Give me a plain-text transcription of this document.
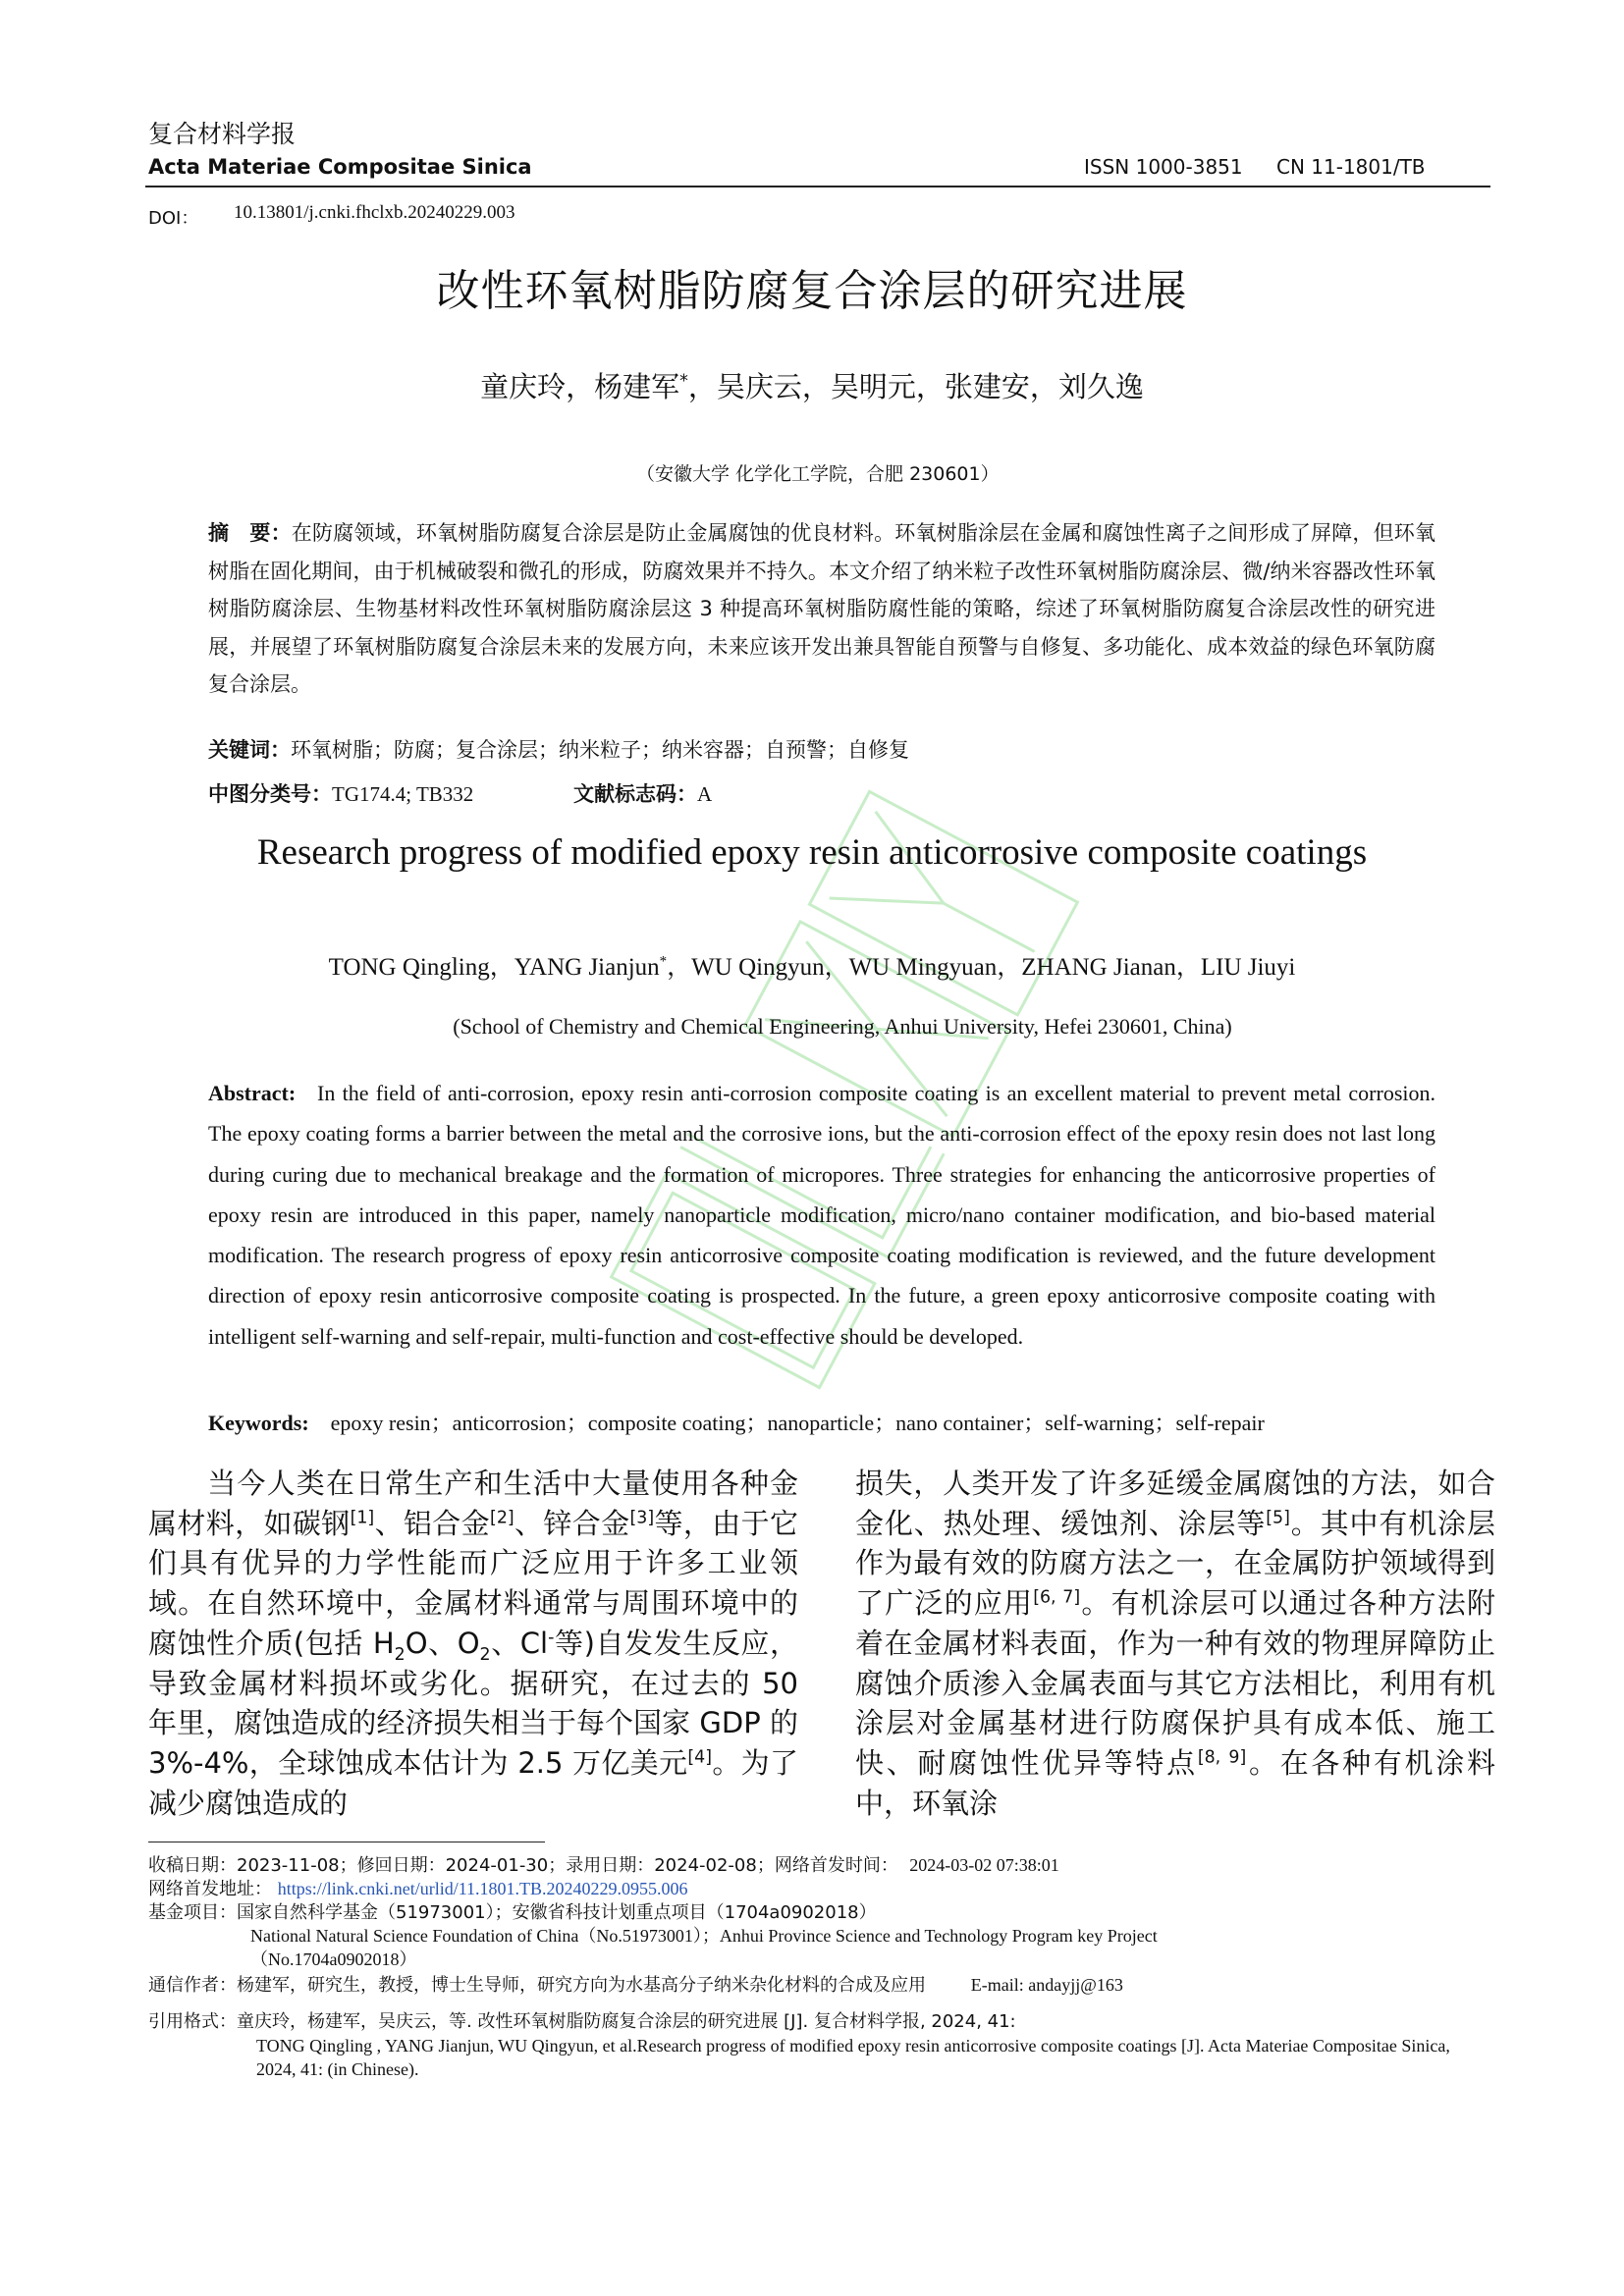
复合材料学报
Acta Materiae Compositae Sinica	ISSN 1000-3851 CN 11-1801/TB
DOI： 10.13801/j.cnki.fhclxb.20240229.003
改性环氧树脂防腐复合涂层的研究进展
童庆玲，杨建军*，吴庆云，吴明元，张建安，刘久逸
（安徽大学 化学化工学院，合肥 230601）
摘　要：在防腐领域，环氧树脂防腐复合涂层是防止金属腐蚀的优良材料。环氧树脂涂层在金属和腐蚀性离子之间形成了屏障，但环氧树脂在固化期间，由于机械破裂和微孔的形成，防腐效果并不持久。本文介绍了纳米粒子改性环氧树脂防腐涂层、微/纳米容器改性环氧树脂防腐涂层、生物基材料改性环氧树脂防腐涂层这 3 种提高环氧树脂防腐性能的策略，综述了环氧树脂防腐复合涂层改性的研究进展，并展望了环氧树脂防腐复合涂层未来的发展方向，未来应该开发出兼具智能自预警与自修复、多功能化、成本效益的绿色环氧防腐复合涂层。
关键词：环氧树脂；防腐；复合涂层；纳米粒子；纳米容器；自预警；自修复
中图分类号：TG174.4; TB332	文献标志码：A
Research progress of modified epoxy resin anticorrosive composite coatings
TONG Qingling，YANG Jianjun*，WU Qingyun，WU Mingyuan，ZHANG Jianan，LIU Jiuyi
(School of Chemistry and Chemical Engineering, Anhui University, Hefei 230601, China)
Abstract: In the field of anti-corrosion, epoxy resin anti-corrosion composite coating is an excellent material to prevent metal corrosion. The epoxy coating forms a barrier between the metal and the corrosive ions, but the anti-corrosion effect of the epoxy resin does not last long during curing due to mechanical breakage and the formation of micropores. Three strategies for enhancing the anticorrosive properties of epoxy resin are introduced in this paper, namely nanoparticle modification, micro/nano container modification, and bio-based material modification. The research progress of epoxy resin anticorrosive composite coating modification is reviewed, and the future development direction of epoxy resin anticorrosive composite coating is prospected. In the future, a green epoxy anticorrosive composite coating with intelligent self-warning and self-repair, multi-function and cost-effective should be developed.
Keywords: epoxy resin；anticorrosion；composite coating；nanoparticle；nano container；self-warning；self-repair
　　当今人类在日常生产和生活中大量使用各种金属材料，如碳钢[1]、铝合金[2]、锌合金[3]等，由于它们具有优异的力学性能而广泛应用于许多工业领域。在自然环境中，金属材料通常与周围环境中的腐蚀性介质(包括 $H_2O$、$O_2$、Cl-等)自发发生反应，导致金属材料损坏或劣化。据研究，在过去的 50 年里，腐蚀造成的经济损失相当于每个国家 GDP 的 3%-4%，全球蚀成本估计为 2.5 万亿美元[4]。为了减少腐蚀造成的
损失，人类开发了许多延缓金属腐蚀的方法，如合金化、热处理、缓蚀剂、涂层等[5]。其中有机涂层作为最有效的防腐方法之一，在金属防护领域得到了广泛的应用[6, 7]。有机涂层可以通过各种方法附着在金属材料表面，作为一种有效的物理屏障防止腐蚀介质渗入金属表面与其它方法相比，利用有机涂层对金属基材进行防腐保护具有成本低、施工快、耐腐蚀性优异等特点[8, 9]。在各种有机涂料中，环氧涂
收稿日期：2023-11-08；修回日期：2024-01-30；录用日期：2024-02-08；网络首发时间： 2024-03-02 07:38:01
网络首发地址： https://link.cnki.net/urlid/11.1801.TB.20240229.0955.006
基金项目：国家自然科学基金（51973001）；安徽省科技计划重点项目（1704a0902018）
National Natural Science Foundation of China（No.51973001）；Anhui Province Science and Technology Program key Project
（No.1704a0902018）
通信作者：杨建军，研究生，教授，博士生导师，研究方向为水基高分子纳米杂化材料的合成及应用	E-mail: andayjj@163
引用格式：童庆玲，杨建军，吴庆云，等. 改性环氧树脂防腐复合涂层的研究进展 [J]. 复合材料学报, 2024, 41:
TONG Qingling , YANG Jianjun, WU Qingyun, et al.Research progress of modified epoxy resin anticorrosive composite coatings [J]. Acta Materiae Compositae Sinica, 2024, 41: (in Chinese).
